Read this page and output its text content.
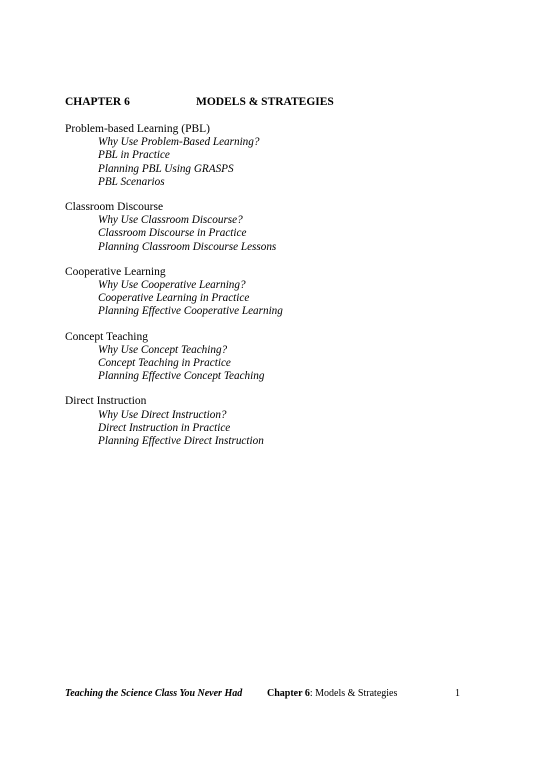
CHAPTER 6	MODELS & STRATEGIES
Problem-based Learning (PBL)
Why Use Problem-Based Learning?
PBL in Practice
Planning PBL Using GRASPS
PBL Scenarios
Classroom Discourse
Why Use Classroom Discourse?
Classroom Discourse in Practice
Planning Classroom Discourse Lessons
Cooperative Learning
Why Use Cooperative Learning?
Cooperative Learning in Practice
Planning Effective Cooperative Learning
Concept Teaching
Why Use Concept Teaching?
Concept Teaching in Practice
Planning Effective Concept Teaching
Direct Instruction
Why Use Direct Instruction?
Direct Instruction in Practice
Planning Effective Direct Instruction
Teaching the Science Class You Never Had Chapter 6: Models & Strategies	1
